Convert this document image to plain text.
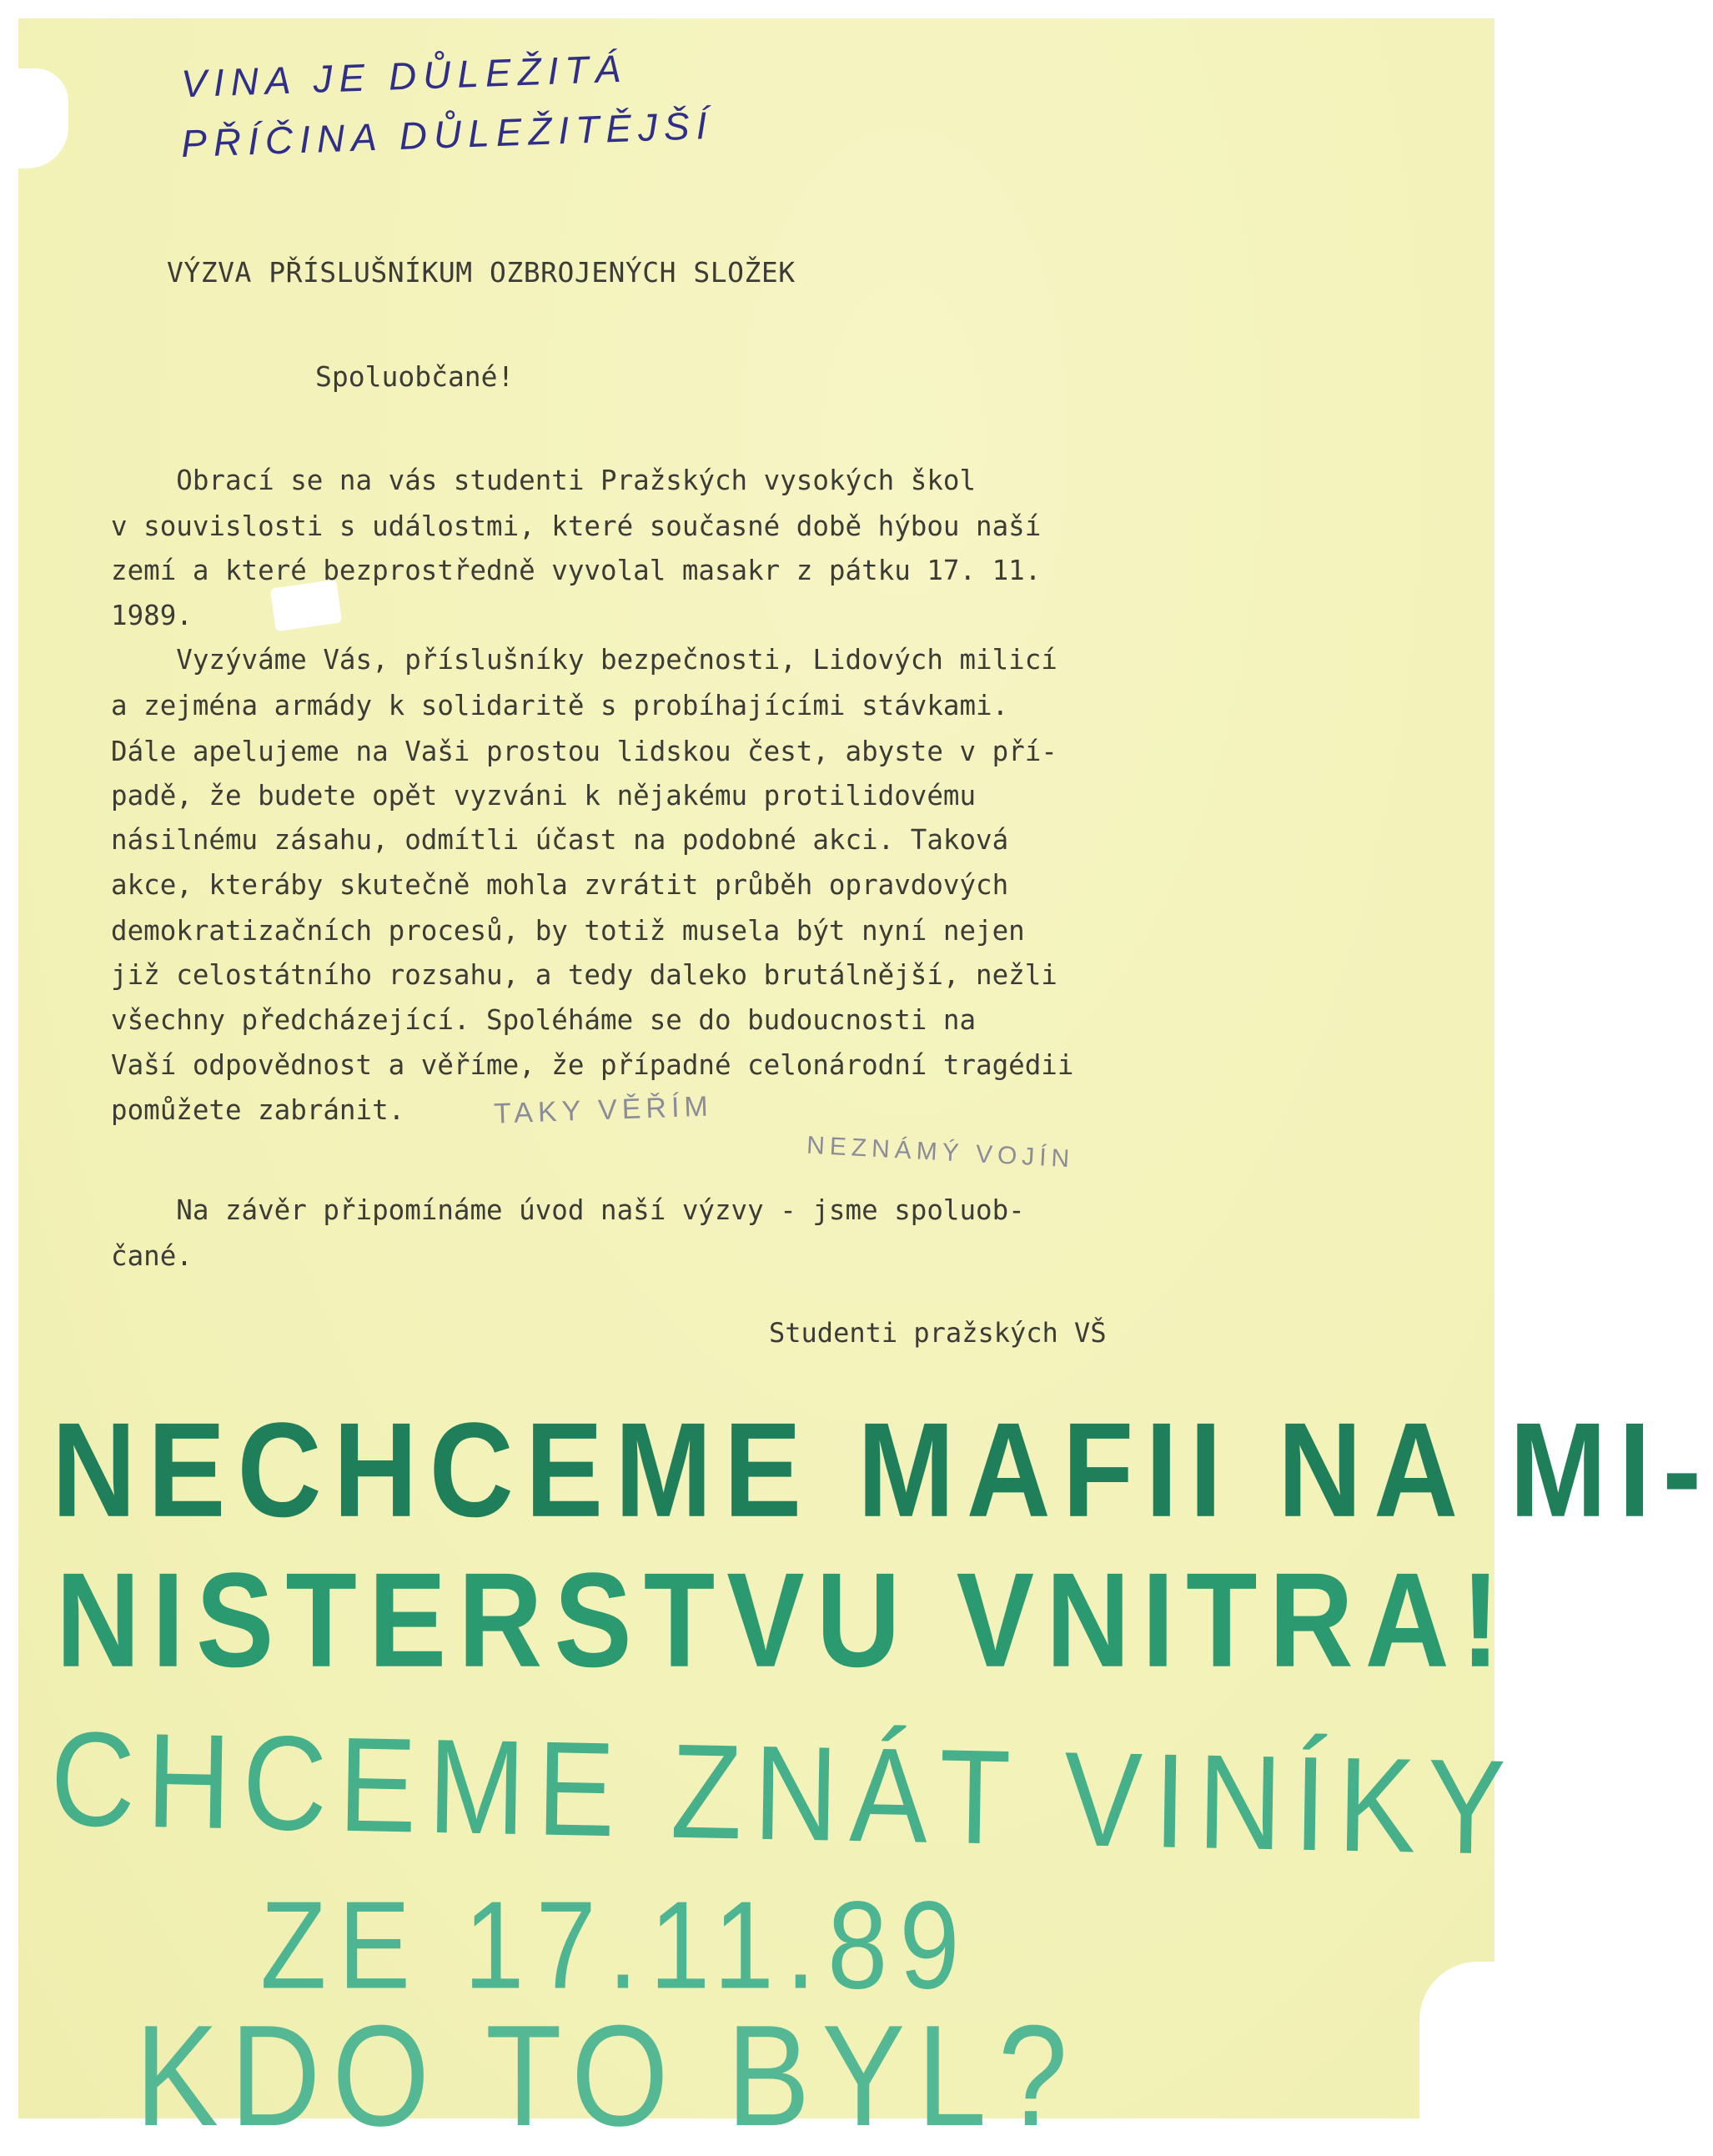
VINA JE DŮLEŽITÁ

PŘÍČINA DŮLEŽITĚJŠÍ

VÝZVA PŘÍSLUŠNÍKUM OZBROJENÝCH SLOŽEK

Spoluobčané!

Obrací se na vás studenti Pražských vysokých škol

v souvislosti s událostmi, které současné době hýbou naší

zemí a které bezprostředně vyvolal masakr z pátku 17. 11.

1989.

Vyzýváme Vás, příslušníky bezpečnosti, Lidových milicí

a zejména armády k solidaritě s probíhajícími stávkami.

Dále apelujeme na Vaši prostou lidskou čest, abyste v pří-

padě, že budete opět vyzváni k nějakému protilidovému

násilnému zásahu, odmítli účast na podobné akci. Taková

akce, kteráby skutečně mohla zvrátit průběh opravdových

demokratizačních procesů, by totiž musela být nyní nejen

již celostátního rozsahu, a tedy daleko brutálnější, nežli

všechny předcházející. Spoléháme se do budoucnosti na

Vaší odpovědnost a věříme, že případné celonárodní tragédii

pomůžete zabránit.

Na závěr připomínáme úvod naší výzvy - jsme spoluob-

čané.

TAKY VĚŘÍM

NEZNÁMÝ VOJÍN

Studenti pražských VŠ

NECHCEME MAFII NA MI-

NISTERSTVU VNITRA!

CHCEME ZNÁT VINÍKY

ZE 17.11.89

KDO TO BYL?
